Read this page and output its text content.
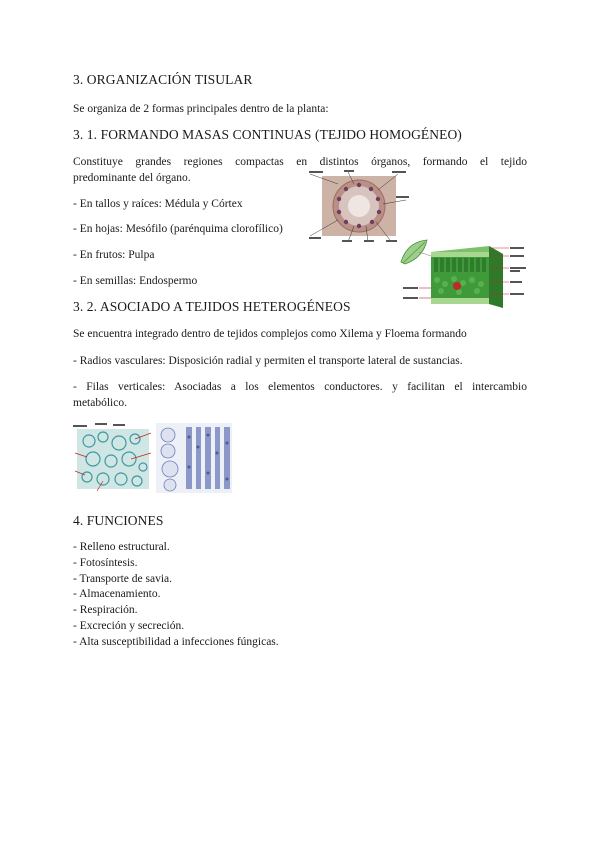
3. ORGANIZACIÓN TISULAR
Se organiza de 2 formas principales dentro de la planta:
3. 1. FORMANDO MASAS CONTINUAS (TEJIDO HOMOGÉNEO)
Constituye grandes regiones compactas en distintos órganos, formando el tejido
predominante del órgano.
- En tallos y raíces: Médula y Córtex
- En hojas: Mesófilo (parénquima clorofílico)
- En frutos: Pulpa
- En semillas: Endospermo
3. 2. ASOCIADO A TEJIDOS HETEROGÉNEOS
Se encuentra integrado dentro de tejidos complejos como Xilema y Floema formando
- Radios vasculares: Disposición radial y permiten el transporte lateral de sustancias.
- Filas verticales: Asociadas a los elementos conductores. y facilitan el intercambio
metabólico.
4. FUNCIONES
- Relleno estructural.
- Fotosíntesis.
- Transporte de savia.
- Almacenamiento.
- Respiración.
- Excreción y secreción.
- Alta susceptibilidad a infecciones fúngicas.
